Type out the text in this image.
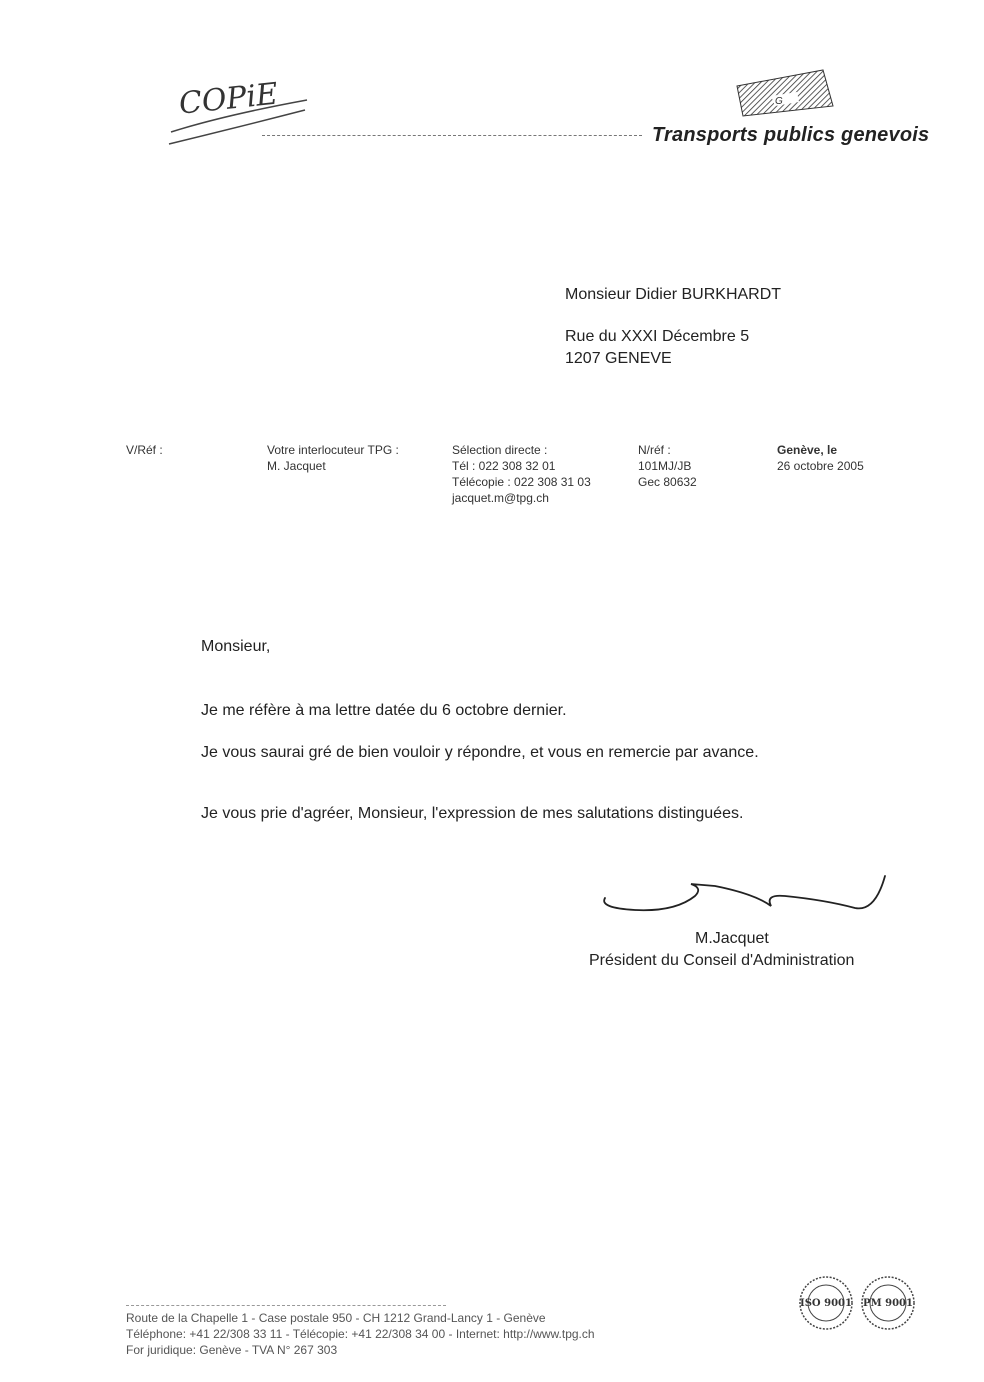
COPiE	G
Transports publics genevois
Monsieur Didier BURKHARDT
Rue du XXXI Décembre 5
1207 GENEVE
V/Réf :	Votre interlocuteur TPG :
M. Jacquet
Sélection directe :
Tél : 022 308 32 01
Télécopie : 022 308 31 03
jacquet.m@tpg.ch
N/réf :
101MJ/JB
Gec 80632
Genève, le
26 octobre 2005
Monsieur,
Je me réfère à ma lettre datée du 6 octobre dernier.
Je vous saurai gré de bien vouloir y répondre, et vous en remercie par avance.
Je vous prie d'agréer, Monsieur, l'expression de mes salutations distinguées.
M.Jacquet
Président du Conseil d'Administration
Route de la Chapelle 1 - Case postale 950 - CH 1212 Grand-Lancy 1 - Genève
Téléphone: +41 22/308 33 11 - Télécopie: +41 22/308 34 00 - Internet: http://www.tpg.ch
For juridique: Genève - TVA N° 267 303
ISO 9001 PM 9001
